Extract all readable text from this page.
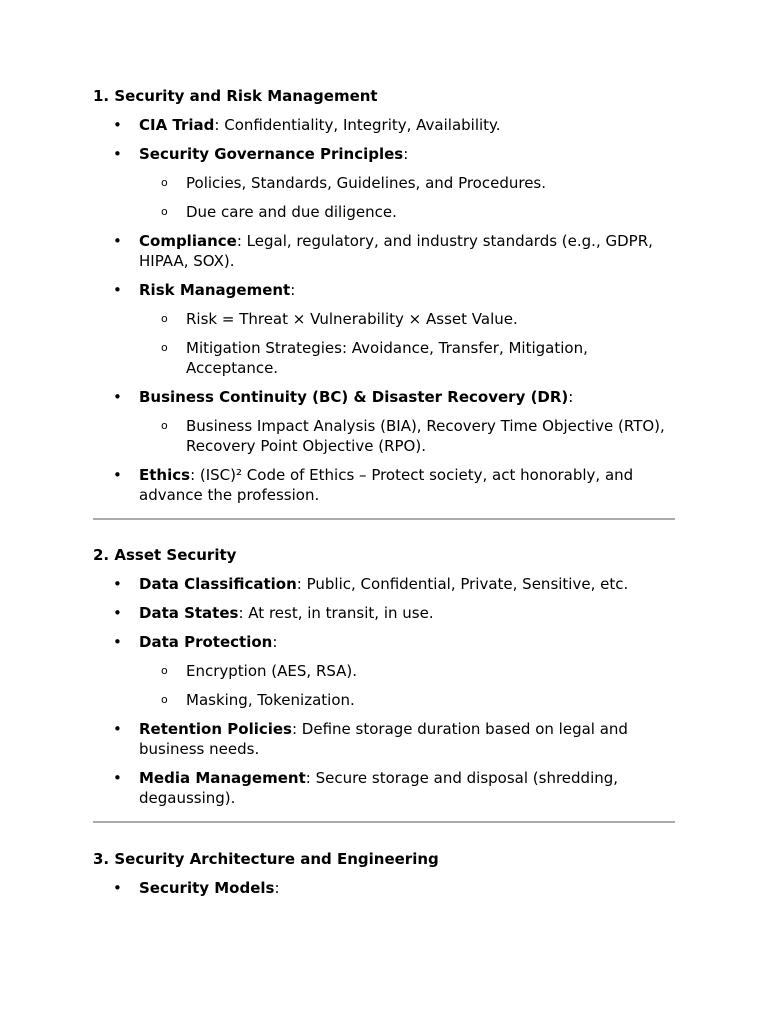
1. Security and Risk Management

• CIA Triad: Confidentiality, Integrity, Availability.
• Security Governance Principles:
o Policies, Standards, Guidelines, and Procedures.
o Due care and due diligence.
• Compliance: Legal, regulatory, and industry standards (e.g., GDPR, HIPAA, SOX).
• Risk Management:
o Risk = Threat × Vulnerability × Asset Value.
o Mitigation Strategies: Avoidance, Transfer, Mitigation, Acceptance.
• Business Continuity (BC) & Disaster Recovery (DR):
o Business Impact Analysis (BIA), Recovery Time Objective (RTO), Recovery Point Objective (RPO).
• Ethics: (ISC)² Code of Ethics – Protect society, act honorably, and advance the profession.

2. Asset Security

• Data Classification: Public, Confidential, Private, Sensitive, etc.
• Data States: At rest, in transit, in use.
• Data Protection:
o Encryption (AES, RSA).
o Masking, Tokenization.
• Retention Policies: Define storage duration based on legal and business needs.
• Media Management: Secure storage and disposal (shredding, degaussing).

3. Security Architecture and Engineering

• Security Models:
